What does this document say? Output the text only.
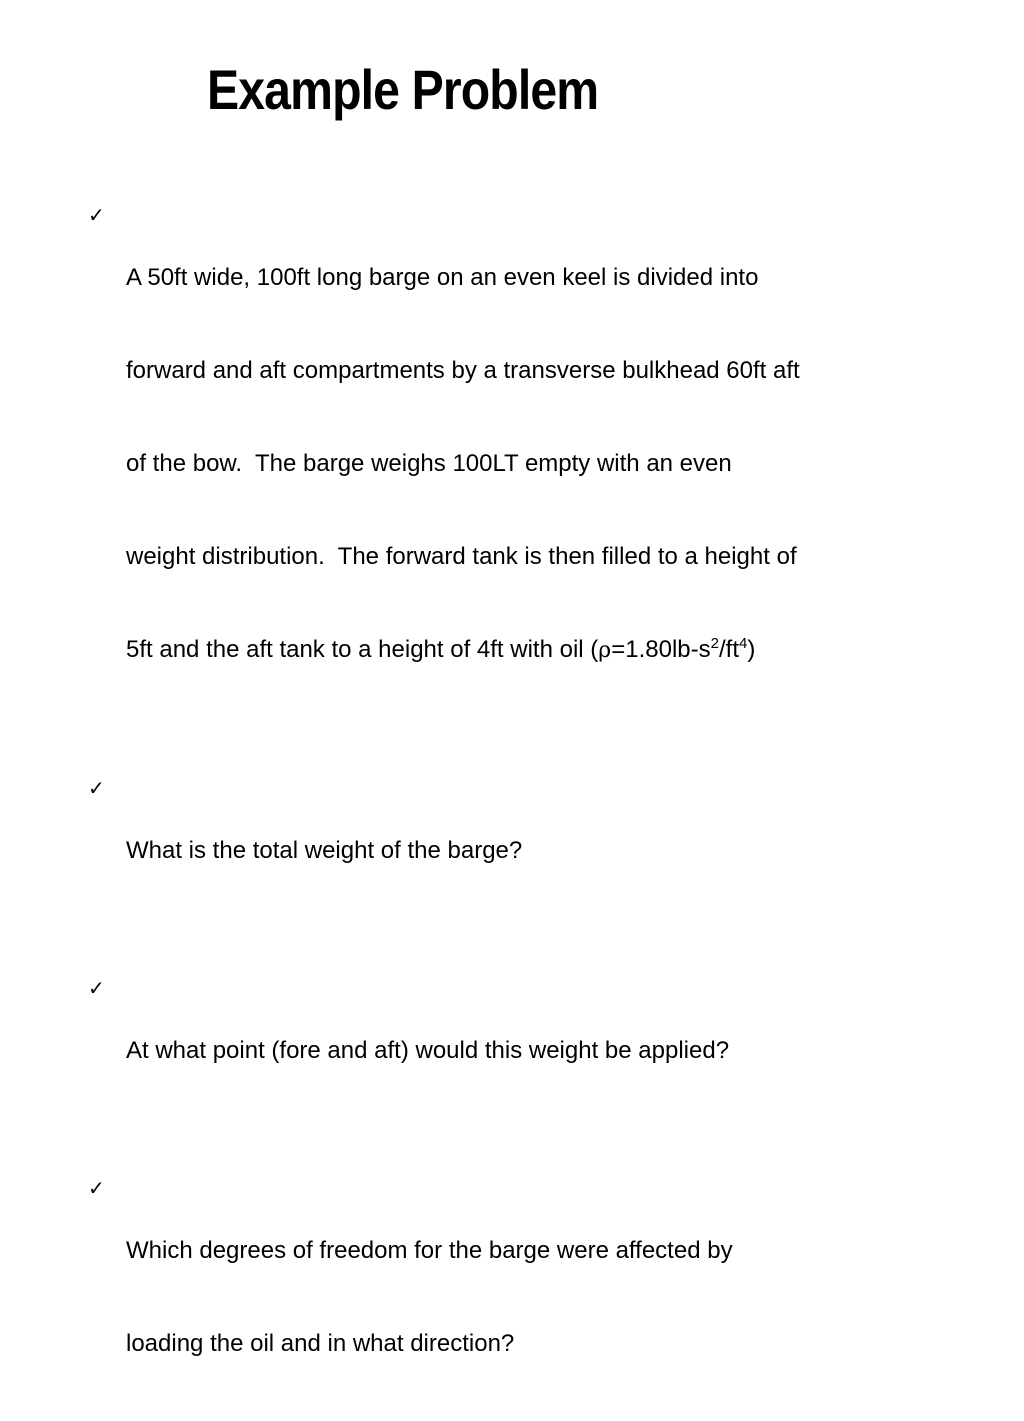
Example Problem
✓

A 50ft wide, 100ft long barge on an even keel is divided into

forward and aft compartments by a transverse bulkhead 60ft aft

of the bow.  The barge weighs 100LT empty with an even

weight distribution.  The forward tank is then filled to a height of

5ft and the aft tank to a height of 4ft with oil $(\rho=1.80lb-s^2/ft^4)$

✓

What is the total weight of the barge?

✓

At what point (fore and aft) would this weight be applied?

✓

Which degrees of freedom for the barge were affected by

loading the oil and in what direction?
